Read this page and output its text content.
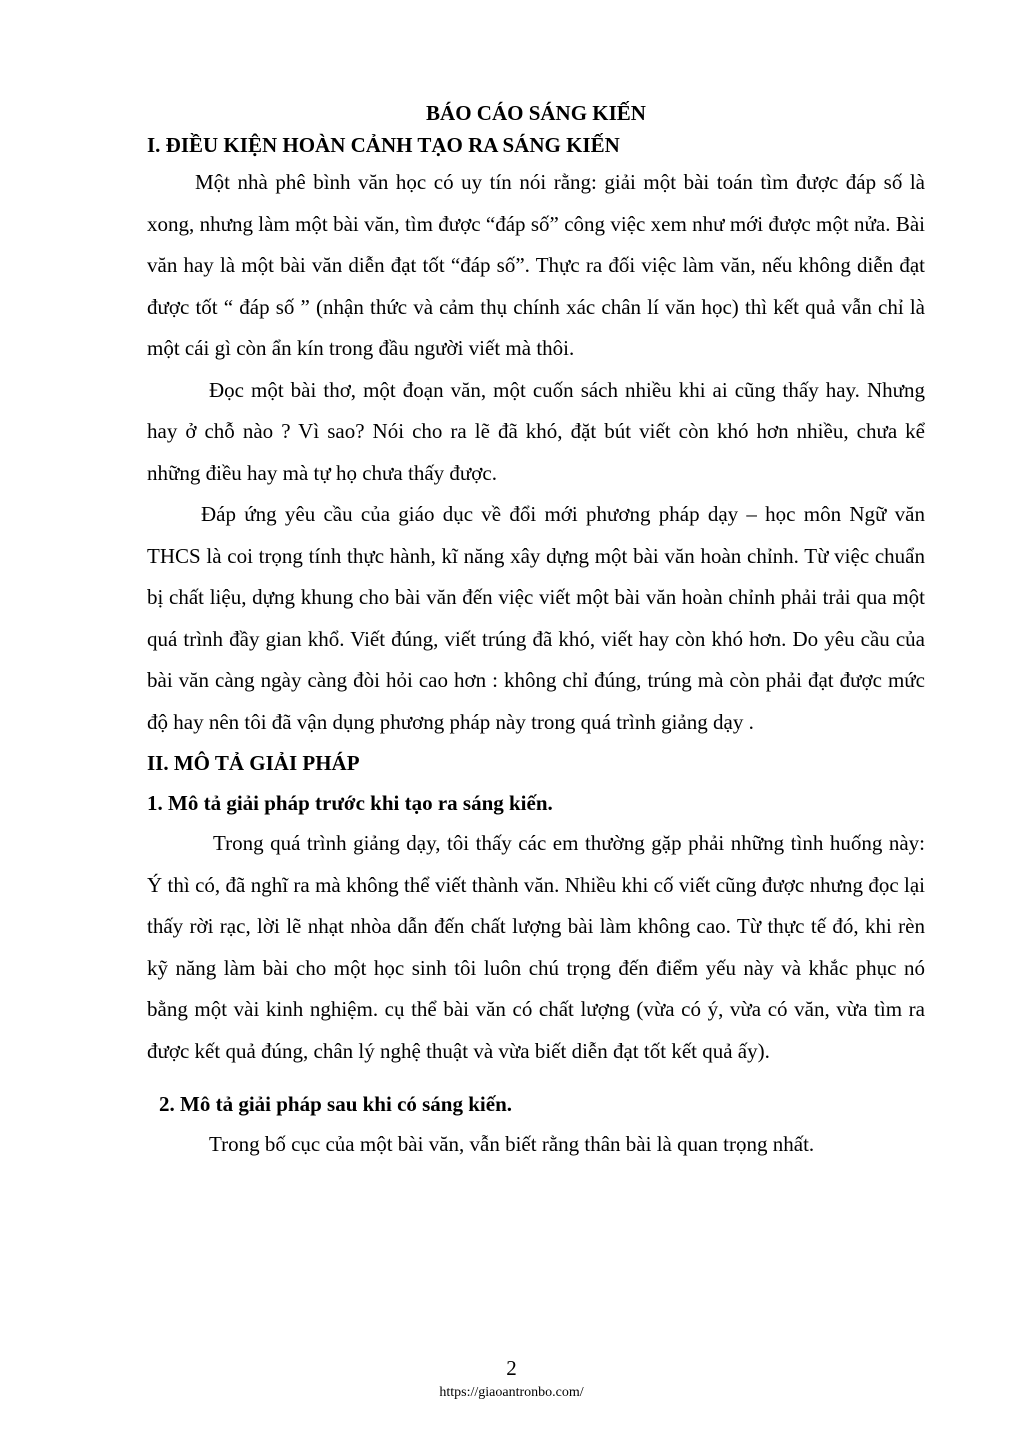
BÁO CÁO SÁNG KIẾN

I. ĐIỀU KIỆN HOÀN CẢNH TẠO RA SÁNG KIẾN

Một nhà phê bình văn học có uy tín nói rằng: giải một bài toán tìm được đáp số là xong, nhưng làm một bài văn, tìm được “đáp số” công việc xem như mới được một nửa. Bài văn hay là một bài văn diễn đạt tốt “đáp số”. Thực ra đối việc làm văn, nếu không diễn đạt được tốt “ đáp số ” (nhận thức và cảm thụ chính xác chân lí văn học) thì kết quả vẫn chỉ là một cái gì còn ẩn kín trong đầu người viết mà thôi.

Đọc một bài thơ, một đoạn văn, một cuốn sách nhiều khi ai cũng thấy hay. Nhưng hay ở chỗ nào ? Vì sao? Nói cho ra lẽ đã khó, đặt bút viết còn khó hơn nhiều, chưa kể những điều hay mà tự họ chưa thấy được.

Đáp ứng yêu cầu của giáo dục về đổi mới phương pháp dạy – học môn Ngữ văn THCS là coi trọng tính thực hành, kĩ năng xây dựng một bài văn hoàn chỉnh. Từ việc chuẩn bị chất liệu, dựng khung cho bài văn đến việc viết một bài văn hoàn chỉnh phải trải qua một quá trình đầy gian khổ. Viết đúng, viết trúng đã khó, viết hay còn khó hơn. Do yêu cầu của bài văn càng ngày càng đòi hỏi cao hơn : không chỉ đúng, trúng mà còn phải đạt được mức độ hay nên tôi đã vận dụng phương pháp này trong quá trình giảng dạy .

II. MÔ TẢ GIẢI PHÁP

1. Mô tả giải pháp trước khi tạo ra sáng kiến.

Trong quá trình giảng dạy, tôi thấy các em thường gặp phải những tình huống này: Ý thì có, đã nghĩ ra mà không thể viết thành văn. Nhiều khi cố viết cũng được nhưng đọc lại thấy rời rạc, lời lẽ nhạt nhòa dẫn đến chất lượng bài làm không cao. Từ thực tế đó, khi rèn kỹ năng làm bài cho một học sinh tôi luôn chú trọng đến điểm yếu này và khắc phục nó bằng một vài kinh nghiệm. cụ thể bài văn có chất lượng (vừa có ý, vừa có văn, vừa tìm ra được kết quả đúng, chân lý nghệ thuật và vừa biết diễn đạt tốt kết quả ấy).

2. Mô tả giải pháp sau khi có sáng kiến.

Trong bố cục của một bài văn, vẫn biết rằng thân bài là quan trọng nhất.

2
https://giaoantronbo.com/
